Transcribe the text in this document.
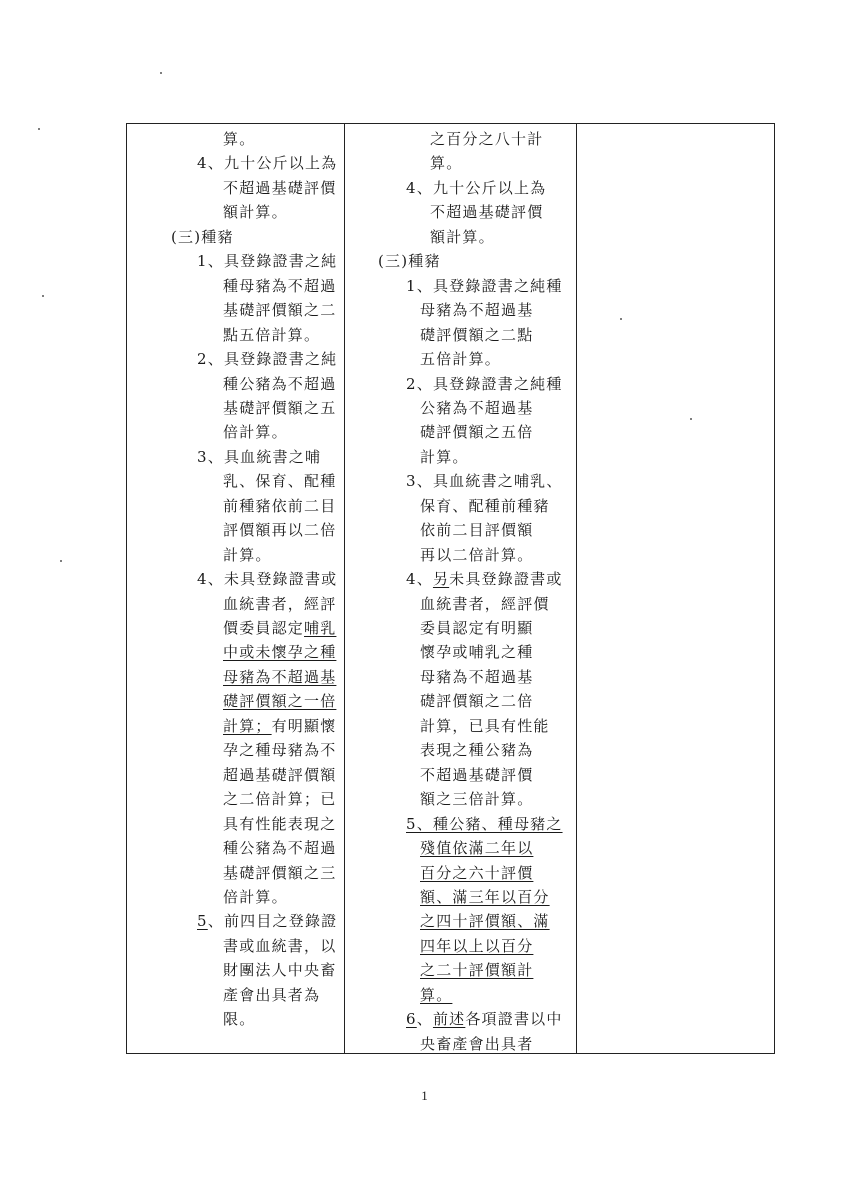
算。
4、九十公斤以上為
不超過基礎評價
額計算。
(三)種豬
1、具登錄證書之純
種母豬為不超過
基礎評價額之二
點五倍計算。
2、具登錄證書之純
種公豬為不超過
基礎評價額之五
倍計算。
3、具血統書之哺
乳、保育、配種
前種豬依前二目
評價額再以二倍
計算。
4、未具登錄證書或
血統書者，經評
價委員認定哺乳
中或未懷孕之種
母豬為不超過基
礎評價額之一倍
計算；有明顯懷
孕之種母豬為不
超過基礎評價額
之二倍計算；已
具有性能表現之
種公豬為不超過
基礎評價額之三
倍計算。
5、前四目之登錄證
書或血統書，以
財團法人中央畜
產會出具者為
限。
之百分之八十計
算。
4、九十公斤以上為
不超過基礎評價
額計算。
(三)種豬
1、具登錄證書之純種
母豬為不超過基
礎評價額之二點
五倍計算。
2、具登錄證書之純種
公豬為不超過基
礎評價額之五倍
計算。
3、具血統書之哺乳、
保育、配種前種豬
依前二目評價額
再以二倍計算。
4、另未具登錄證書或
血統書者，經評價
委員認定有明顯
懷孕或哺乳之種
母豬為不超過基
礎評價額之二倍
計算，已具有性能
表現之種公豬為
不超過基礎評價
額之三倍計算。
5、種公豬、種母豬之
殘值依滿二年以
百分之六十評價
額、滿三年以百分
之四十評價額、滿
四年以上以百分
之二十評價額計
算。
6、前述各項證書以中
央畜產會出具者
1
